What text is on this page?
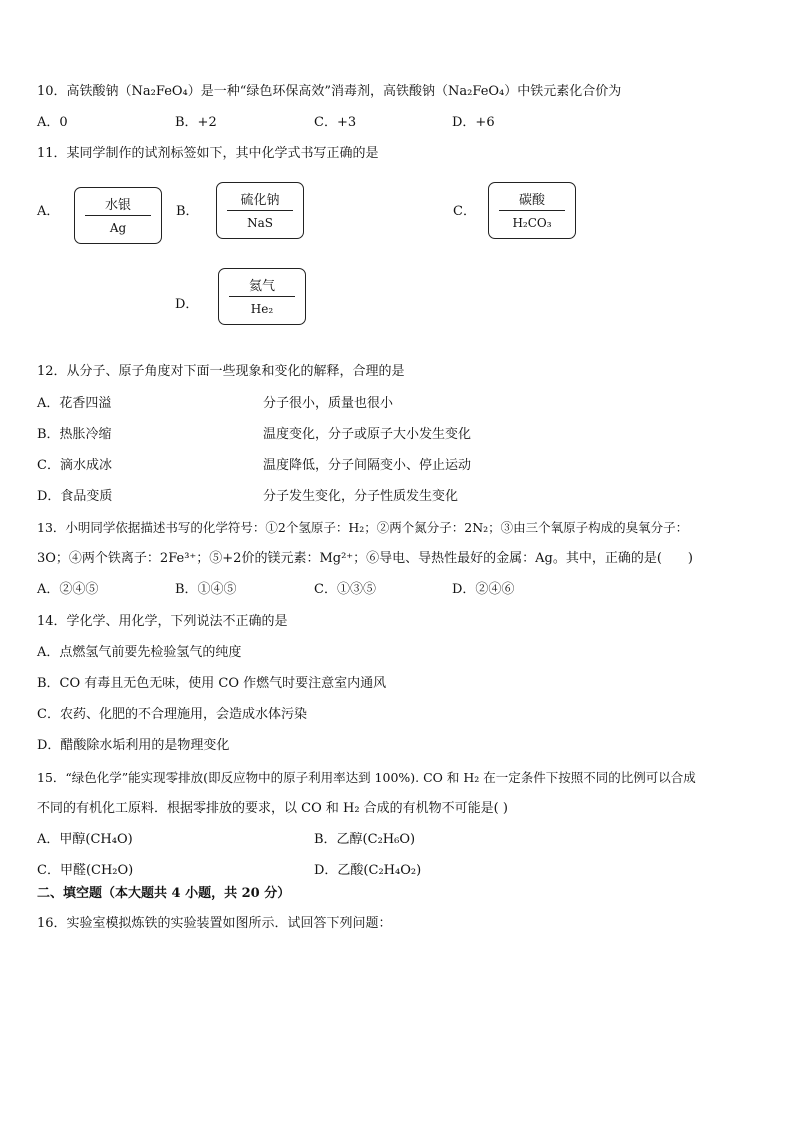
10．高铁酸钠（Na₂FeO₄）是一种“绿色环保高效”消毒剂，高铁酸钠（Na₂FeO₄）中铁元素化合价为
A．0	B．+2	C．+3	D．+6
11．某同学制作的试剂标签如下，其中化学式书写正确的是
A．	水银
Ag
B．
硫化钠
NaS
C．
碳酸
H₂CO₃
D．
氦气
He₂
12．从分子、原子角度对下面一些现象和变化的解释，合理的是
A．花香四溢	分子很小，质量也很小
B．热胀冷缩	温度变化，分子或原子大小发生变化
C．滴水成冰	温度降低，分子间隔变小、停止运动
D．食品变质	分子发生变化，分子性质发生变化
13．小明同学依据描述书写的化学符号：①2个氢原子：H₂；②两个氮分子：2N₂；③由三个氧原子构成的臭氧分子：
3O；④两个铁离子：2Fe³⁺；⑤+2价的镁元素：Mg²⁺；⑥导电、导热性最好的金属：Ag。其中，正确的是(　　)
A．②④⑤	B．①④⑤	C．①③⑤	D．②④⑥
14．学化学、用化学，下列说法不正确的是
A．点燃氢气前要先检验氢气的纯度
B．CO 有毒且无色无味，使用 CO 作燃气时要注意室内通风
C．农药、化肥的不合理施用，会造成水体污染
D．醋酸除水垢利用的是物理变化
15．“绿色化学”能实现零排放(即反应物中的原子利用率达到 100%). CO 和 H₂ 在一定条件下按照不同的比例可以合成
不同的有机化工原料．根据零排放的要求，以 CO 和 H₂ 合成的有机物不可能是( )
A．甲醇(CH₄O)	B．乙醇(C₂H₆O)
C．甲醛(CH₂O)	D．乙酸(C₂H₄O₂)
二、填空题（本大题共 4 小题，共 20 分）
16．实验室模拟炼铁的实验装置如图所示．试回答下列问题：
